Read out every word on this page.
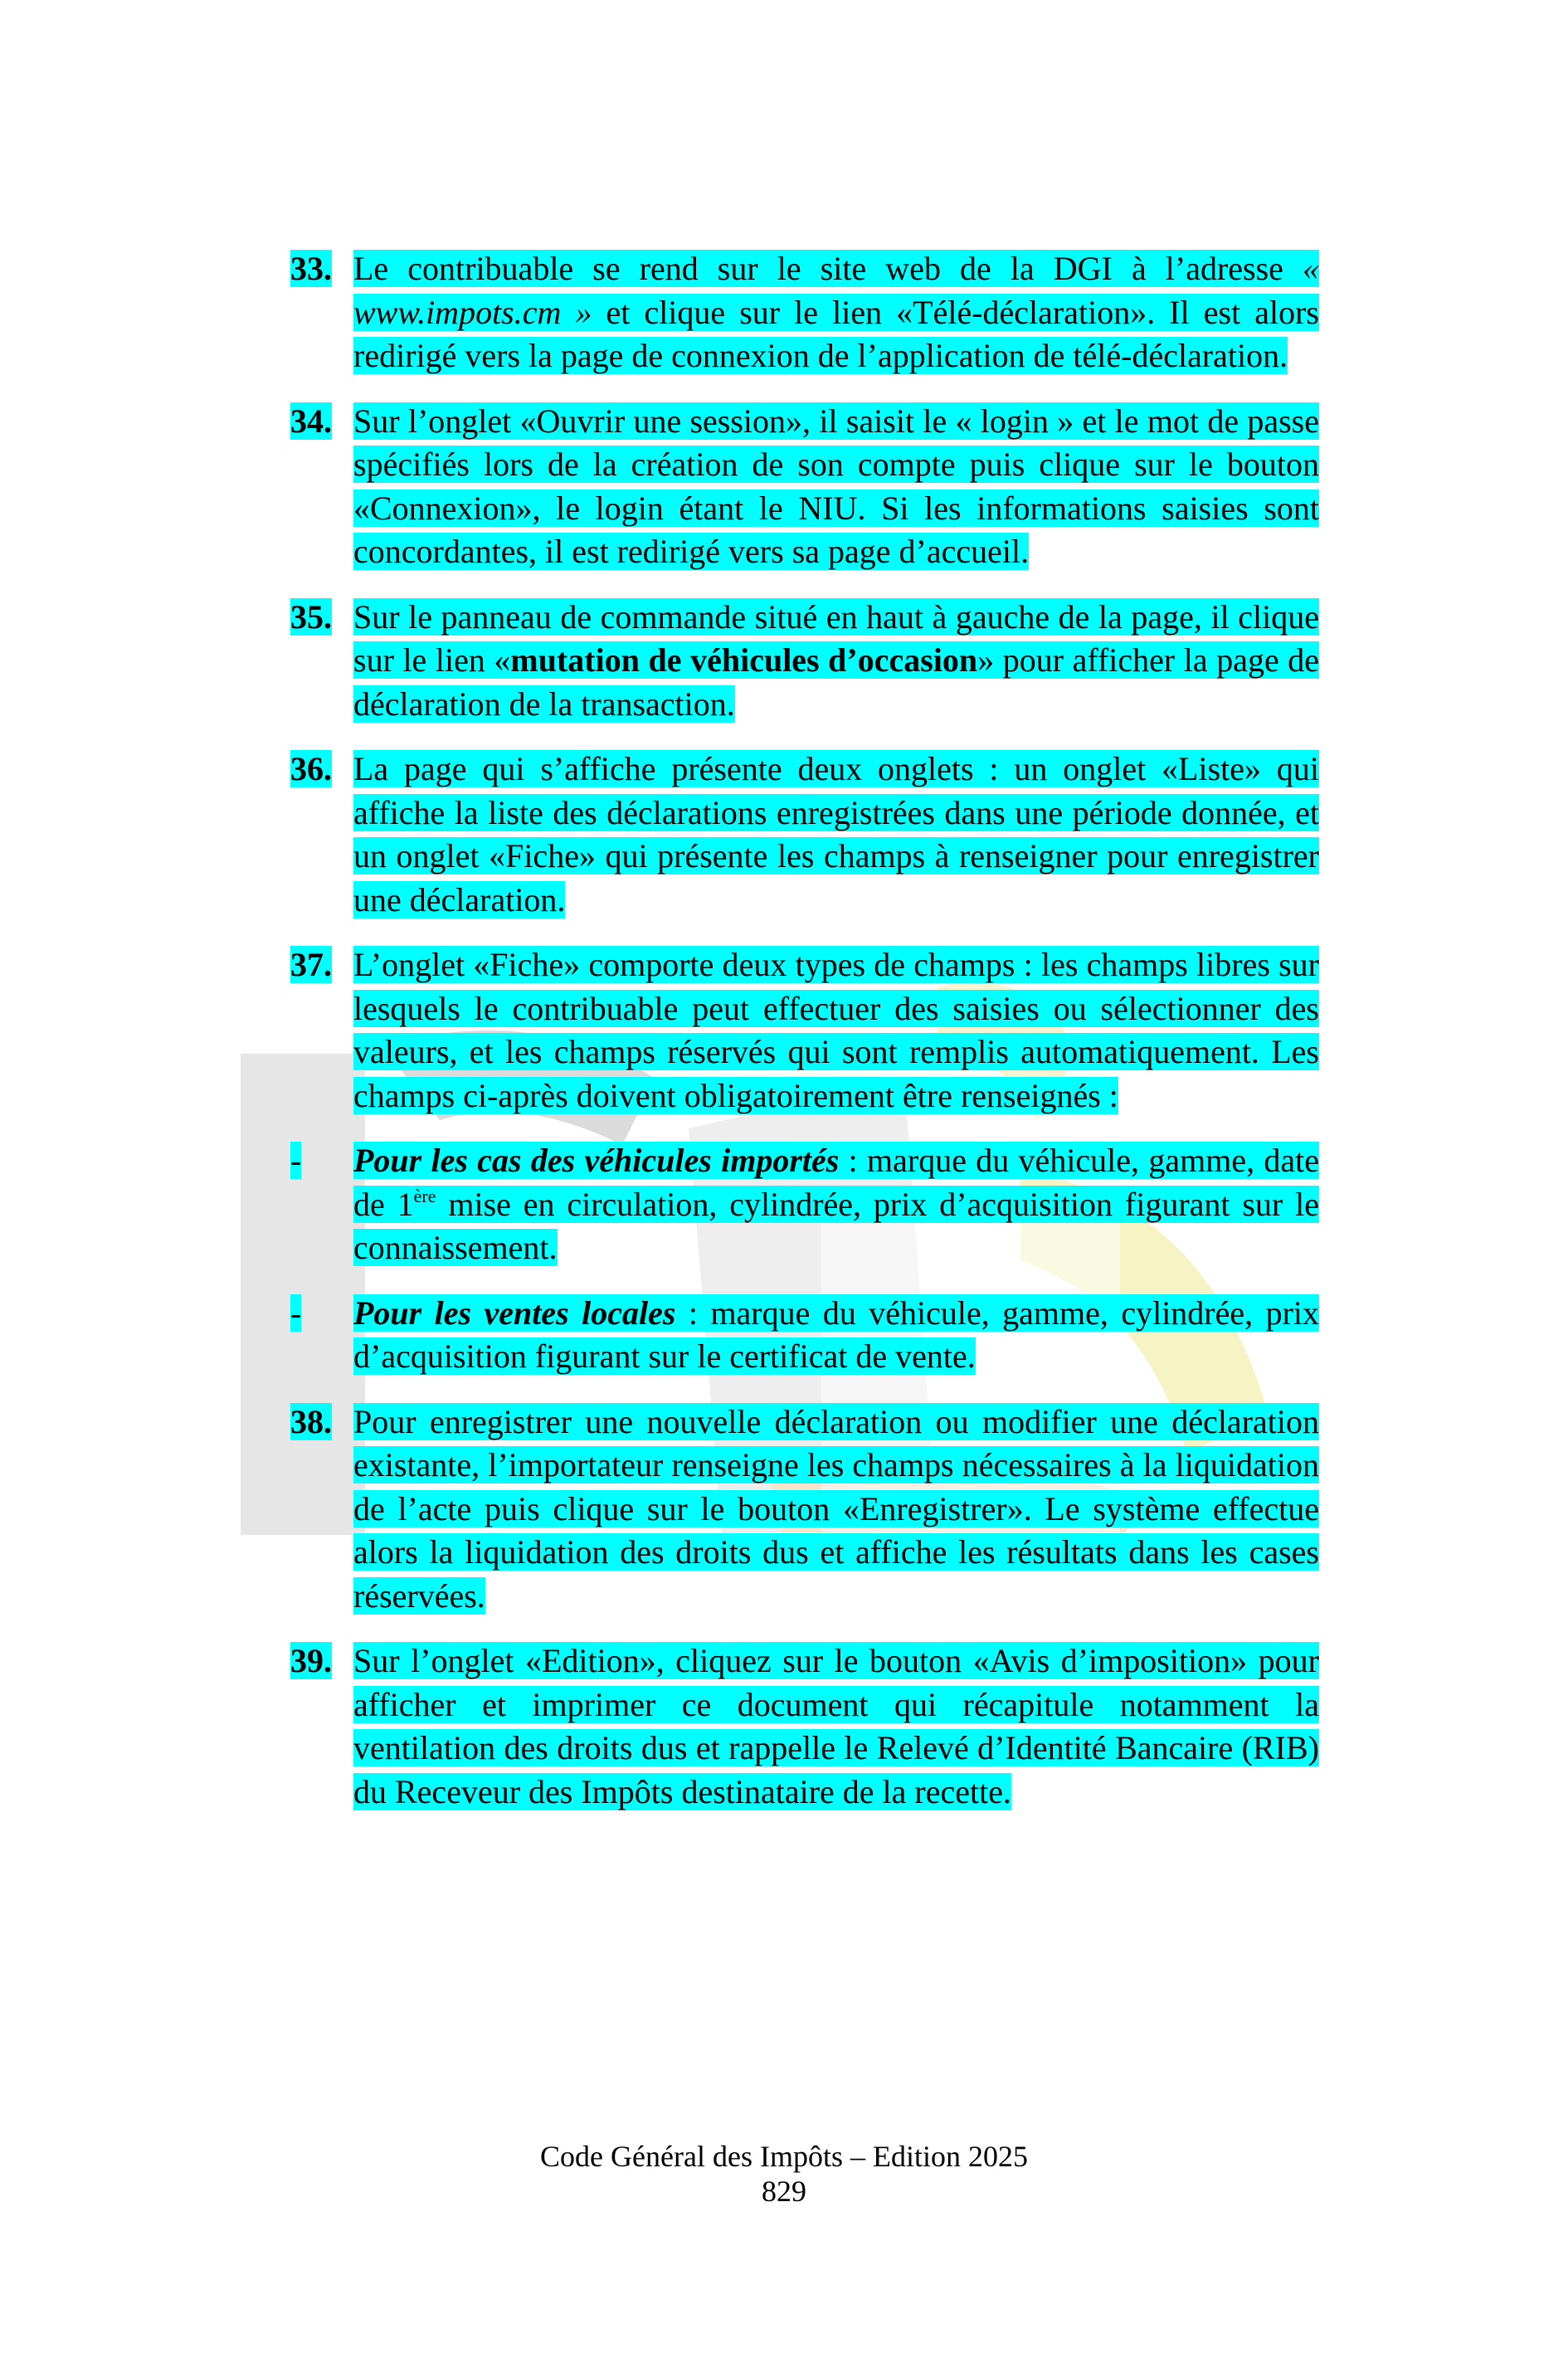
33. Le contribuable se rend sur le site web de la DGI à l’adresse « www.impots.cm » et clique sur le lien «Télé-déclaration». Il est alors redirigé vers la page de connexion de l’application de télé-déclaration.
34. Sur l’onglet «Ouvrir une session», il saisit le « login » et le mot de passe spécifiés lors de la création de son compte puis clique sur le bouton «Connexion», le login étant le NIU. Si les informations saisies sont concordantes, il est redirigé vers sa page d’accueil.
35. Sur le panneau de commande situé en haut à gauche de la page, il clique sur le lien «mutation de véhicules d’occasion» pour afficher la page de déclaration de la transaction.
36. La page qui s’affiche présente deux onglets : un onglet «Liste» qui affiche la liste des déclarations enregistrées dans une période donnée, et un onglet «Fiche» qui présente les champs à renseigner pour enregistrer une déclaration.
37. L’onglet «Fiche» comporte deux types de champs : les champs libres sur lesquels le contribuable peut effectuer des saisies ou sélectionner des valeurs, et les champs réservés qui sont remplis automatiquement. Les champs ci-après doivent obligatoirement être renseignés :
-	Pour les cas des véhicules importés : marque du véhicule, gamme, date de 1ère mise en circulation, cylindrée, prix d’acquisition figurant sur le connaissement.
-	Pour les ventes locales : marque du véhicule, gamme, cylindrée, prix d’acquisition figurant sur le certificat de vente.
38. Pour enregistrer une nouvelle déclaration ou modifier une déclaration existante, l’importateur renseigne les champs nécessaires à la liquidation de l’acte puis clique sur le bouton «Enregistrer». Le système effectue alors la liquidation des droits dus et affiche les résultats dans les cases réservées.
39. Sur l’onglet «Edition», cliquez sur le bouton «Avis d’imposition» pour afficher et imprimer ce document qui récapitule notamment la ventilation des droits dus et rappelle le Relevé d’Identité Bancaire (RIB) du Receveur des Impôts destinataire de la recette.
Code Général des Impôts – Edition 2025
829
